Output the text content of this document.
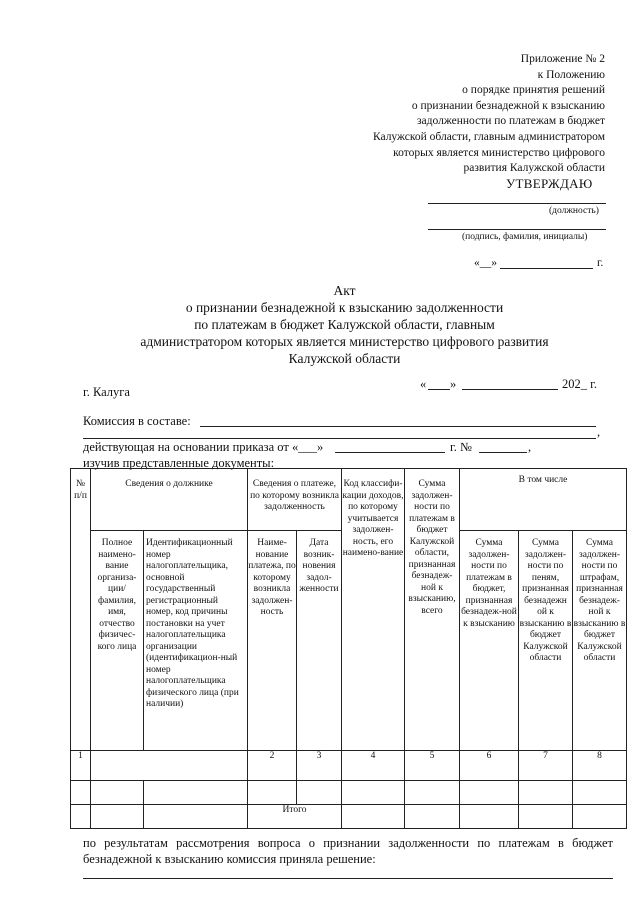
Приложение № 2
к Положению
о порядке принятия решений
о признании безнадежной к взысканию
задолженности по платежам в бюджет
Калужской области, главным администратором
которых является министерство цифрового
развития Калужской области
УТВЕРЖДАЮ
(должность)
(подпись, фамилия, инициалы)
«__»	г.
Акт
о признании безнадежной к взысканию задолженности
по платежам в бюджет Калужской области, главным
администратором которых является министерство цифрового развития
Калужской области
г. Калуга
« »	202_ г.
Комиссия в составе:
,
действующая на основании приказа от «___»	г. №	,
изучив представленные документы:
№ п/п	Сведения о должнике		Сведения о платеже, по которому возникла задолженность		Код классифи-кации доходов, по которому учитывается задолжен-ность, его наимено-вание	Сумма задолжен-ности по платежам в бюджет Калужской области, признанная безнадеж-ной к взысканию, всего	В том числе		
	Полное наимено-вание организа-ции/ фамилия, имя, отчество физичес-кого лица	Идентификационный номер налогоплательщика, основной государственный регистрационный номер, код причины постановки на учет налогоплательщика организации (идентификацион-ный номер налогоплательщика физического лица (при наличии)	Наиме-нование платежа, по которому возникла задолжен-ность	Дата возник-новения задол-женности			Сумма задолжен-ности по платежам в бюджет, признанная безнадеж-ной к взысканию	Сумма задолжен-ности по пеням, признанная безнадежн ой к взысканию в бюджет Калужской области	Сумма задолжен-ности по штрафам, признанная безнадеж-ной к взысканию в бюджет Калужской области
1			2	3	4	5	6	7	8

			Итого						
по результатам рассмотрения вопроса о признании задолженности по платежам в бюджет
безнадежной к взысканию комиссия приняла решение:
